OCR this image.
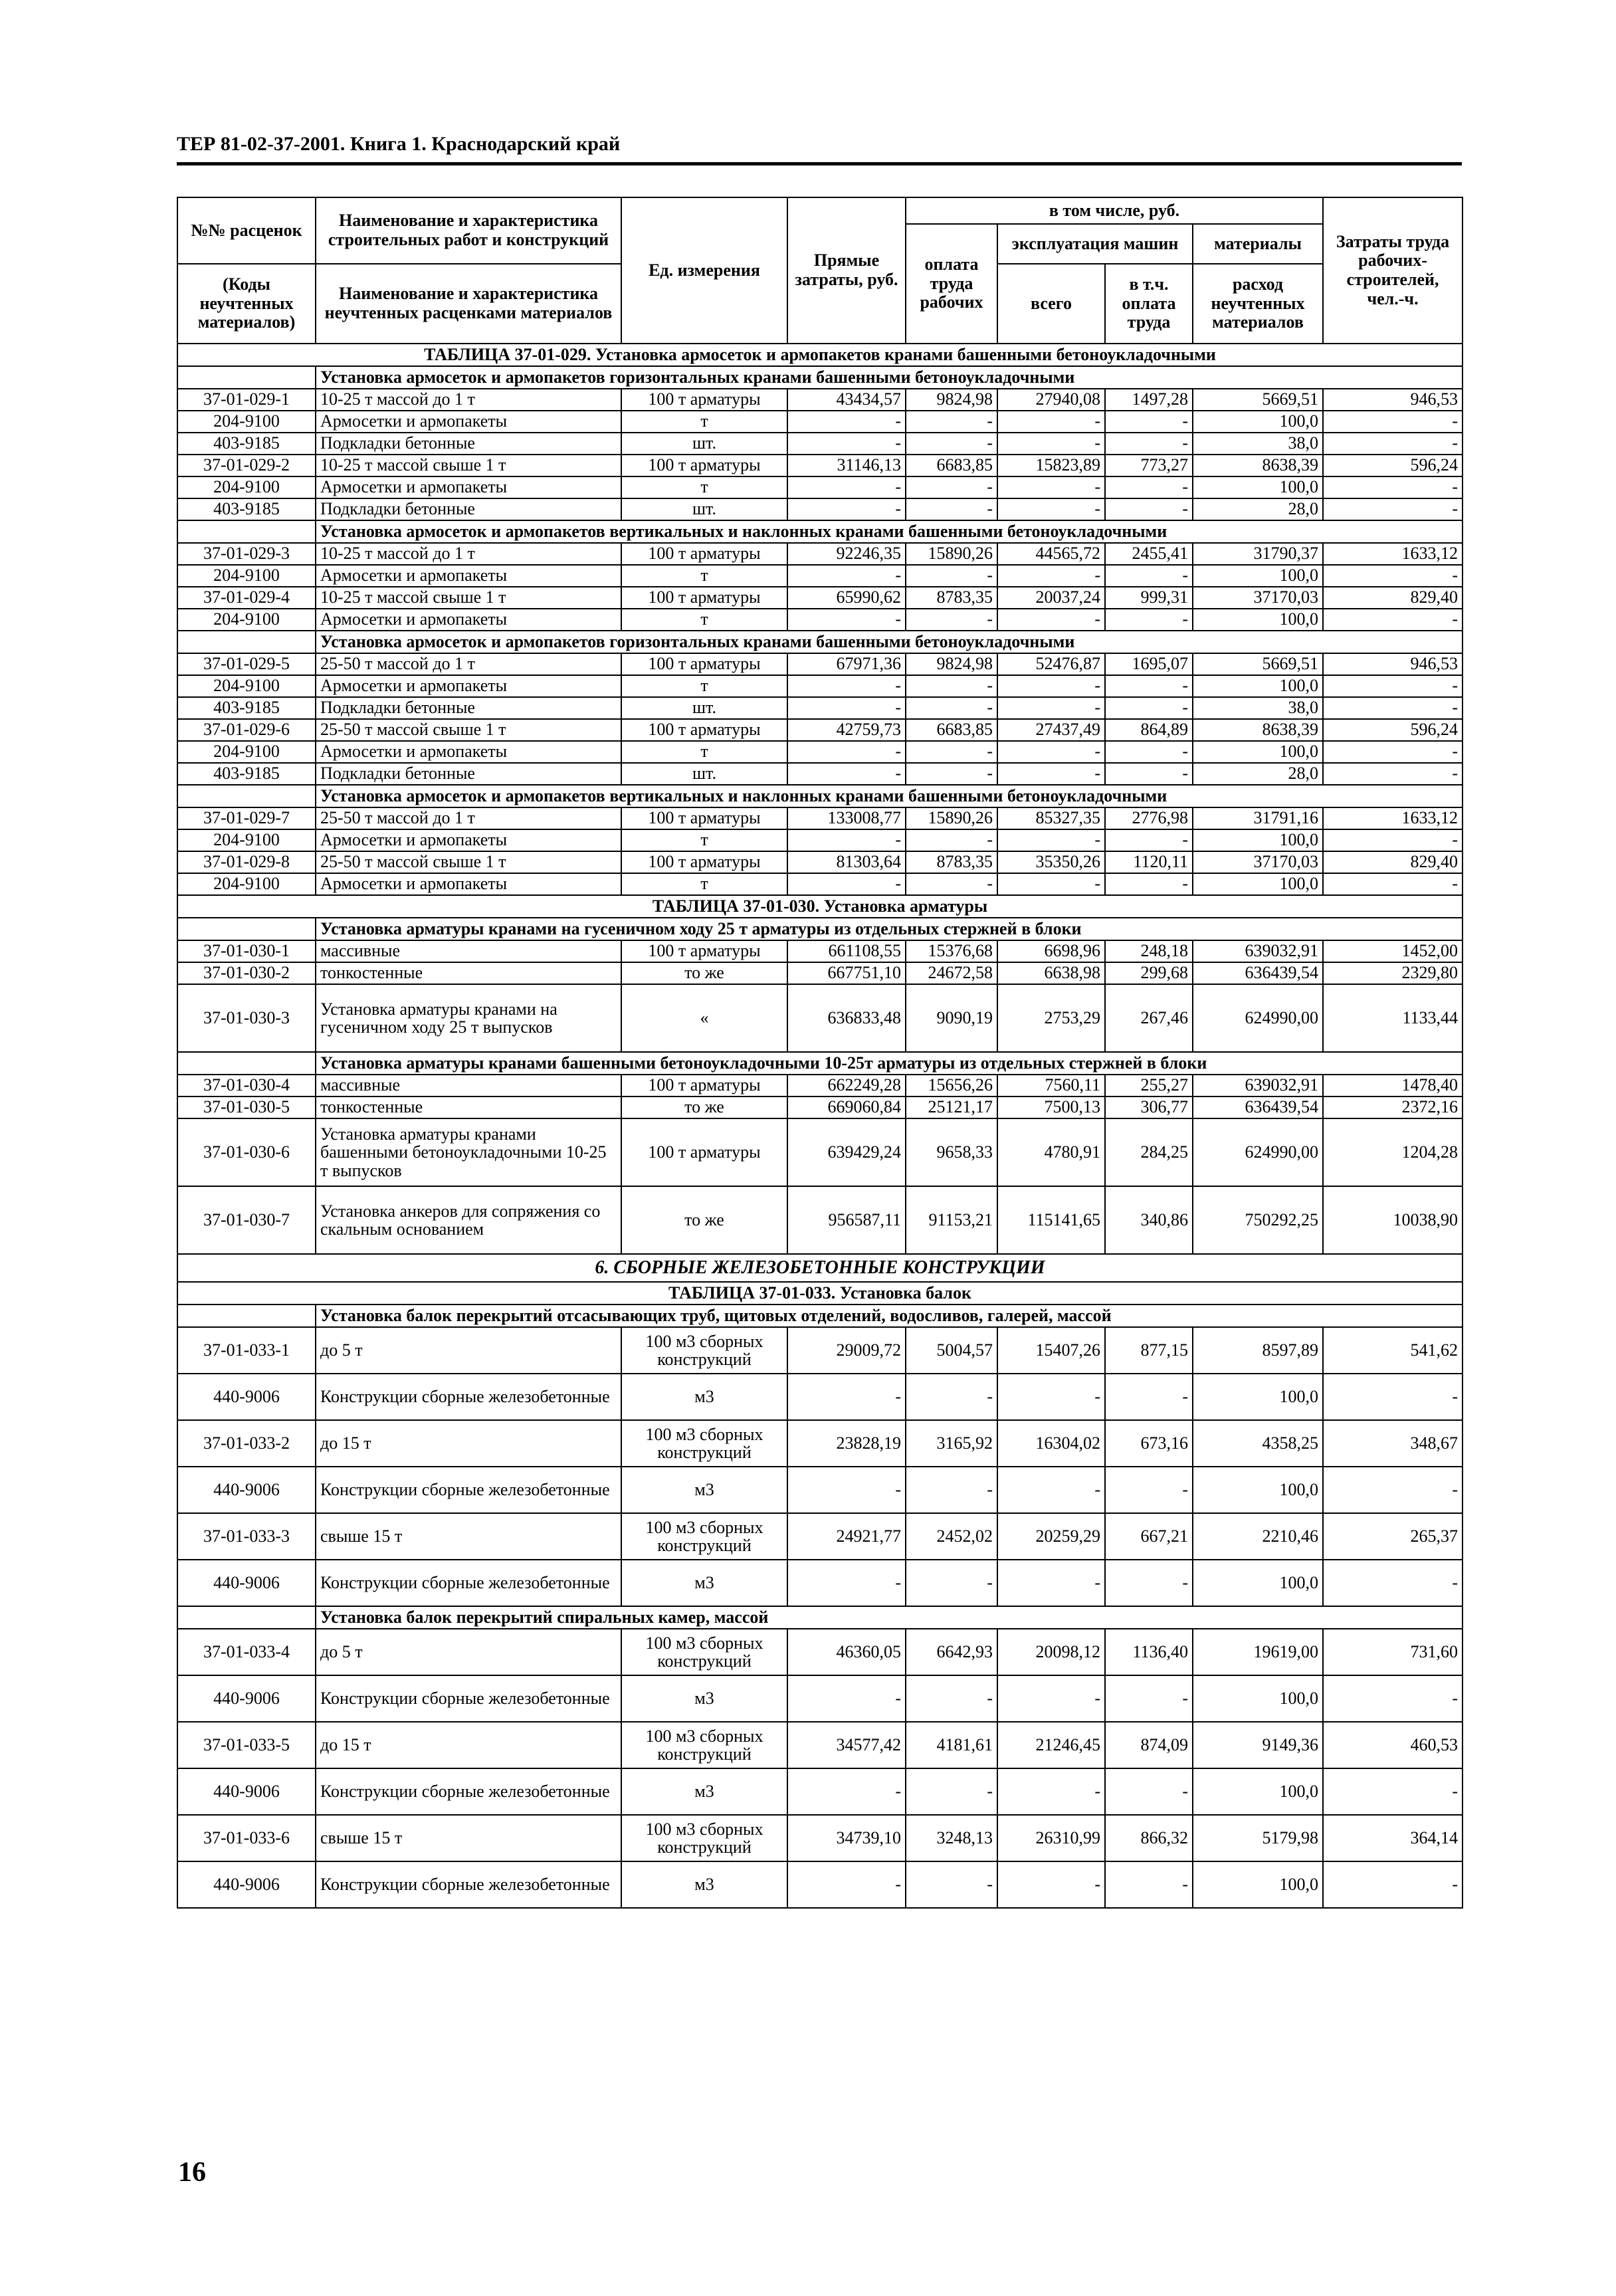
ТЕР 81-02-37-2001. Книга 1. Краснодарский край
№№ расценок	Наименование и характеристика строительных работ и конструкций	Ед. измерения	Прямые затраты, руб.	в том числе, руб.				Затраты труда рабочих-строителей, чел.-ч.
				оплата труда рабочих	эксплуатация машин		материалы	
(Коды неучтенных материалов)	Наименование и характеристика неучтенных расценками материалов				всего	в т.ч. оплата труда	расход неучтенных материалов	

ТАБЛИЦА 37-01-029. Установка армосеток и армопакетов кранами башенными бетоноукладочными								
	Установка армосеток и армопакетов горизонтальных кранами башенными бетоноукладочными							
37-01-029-1	10-25 т массой до 1 т	100 т арматуры	43434,57	9824,98	27940,08	1497,28	5669,51	946,53
204-9100	Армосетки и армопакеты	т	-	-	-	-	100,0	-
403-9185	Подкладки бетонные	шт.	-	-	-	-	38,0	-
37-01-029-2	10-25 т массой свыше 1 т	100 т арматуры	31146,13	6683,85	15823,89	773,27	8638,39	596,24
204-9100	Армосетки и армопакеты	т	-	-	-	-	100,0	-
403-9185	Подкладки бетонные	шт.	-	-	-	-	28,0	-
	Установка армосеток и армопакетов вертикальных и наклонных кранами башенными бетоноукладочными							
37-01-029-3	10-25 т массой до 1 т	100 т арматуры	92246,35	15890,26	44565,72	2455,41	31790,37	1633,12
204-9100	Армосетки и армопакеты	т	-	-	-	-	100,0	-
37-01-029-4	10-25 т массой свыше 1 т	100 т арматуры	65990,62	8783,35	20037,24	999,31	37170,03	829,40
204-9100	Армосетки и армопакеты	т	-	-	-	-	100,0	-
	Установка армосеток и армопакетов горизонтальных кранами башенными бетоноукладочными							
37-01-029-5	25-50 т массой до 1 т	100 т арматуры	67971,36	9824,98	52476,87	1695,07	5669,51	946,53
204-9100	Армосетки и армопакеты	т	-	-	-	-	100,0	-
403-9185	Подкладки бетонные	шт.	-	-	-	-	38,0	-
37-01-029-6	25-50 т массой свыше 1 т	100 т арматуры	42759,73	6683,85	27437,49	864,89	8638,39	596,24
204-9100	Армосетки и армопакеты	т	-	-	-	-	100,0	-
403-9185	Подкладки бетонные	шт.	-	-	-	-	28,0	-
	Установка армосеток и армопакетов вертикальных и наклонных кранами башенными бетоноукладочными							
37-01-029-7	25-50 т массой до 1 т	100 т арматуры	133008,77	15890,26	85327,35	2776,98	31791,16	1633,12
204-9100	Армосетки и армопакеты	т	-	-	-	-	100,0	-
37-01-029-8	25-50 т массой свыше 1 т	100 т арматуры	81303,64	8783,35	35350,26	1120,11	37170,03	829,40
204-9100	Армосетки и армопакеты	т	-	-	-	-	100,0	-
ТАБЛИЦА 37-01-030. Установка арматуры								
	Установка арматуры кранами на гусеничном ходу 25 т арматуры из отдельных стержней в блоки							
37-01-030-1	массивные	100 т арматуры	661108,55	15376,68	6698,96	248,18	639032,91	1452,00
37-01-030-2	тонкостенные	то же	667751,10	24672,58	6638,98	299,68	636439,54	2329,80
37-01-030-3	Установка арматуры кранами на гусеничном ходу 25 т выпусков	«	636833,48	9090,19	2753,29	267,46	624990,00	1133,44
	Установка арматуры кранами башенными бетоноукладочными 10-25т арматуры из отдельных стержней в блоки							
37-01-030-4	массивные	100 т арматуры	662249,28	15656,26	7560,11	255,27	639032,91	1478,40
37-01-030-5	тонкостенные	то же	669060,84	25121,17	7500,13	306,77	636439,54	2372,16
37-01-030-6	Установка арматуры кранами башенными бетоноукладочными 10-25 т выпусков	100 т арматуры	639429,24	9658,33	4780,91	284,25	624990,00	1204,28
37-01-030-7	Установка анкеров для сопряжения со скальным основанием	то же	956587,11	91153,21	115141,65	340,86	750292,25	10038,90
6. СБОРНЫЕ ЖЕЛЕЗОБЕТОННЫЕ КОНСТРУКЦИИ								
ТАБЛИЦА 37-01-033. Установка балок								
	Установка балок перекрытий отсасывающих труб, щитовых отделений, водосливов, галерей, массой							
37-01-033-1	до 5 т	100 м3 сборных конструкций	29009,72	5004,57	15407,26	877,15	8597,89	541,62
440-9006	Конструкции сборные железобетонные	м3	-	-	-	-	100,0	-
37-01-033-2	до 15 т	100 м3 сборных конструкций	23828,19	3165,92	16304,02	673,16	4358,25	348,67
440-9006	Конструкции сборные железобетонные	м3	-	-	-	-	100,0	-
37-01-033-3	свыше 15 т	100 м3 сборных конструкций	24921,77	2452,02	20259,29	667,21	2210,46	265,37
440-9006	Конструкции сборные железобетонные	м3	-	-	-	-	100,0	-
	Установка балок перекрытий спиральных камер, массой							
37-01-033-4	до 5 т	100 м3 сборных конструкций	46360,05	6642,93	20098,12	1136,40	19619,00	731,60
440-9006	Конструкции сборные железобетонные	м3	-	-	-	-	100,0	-
37-01-033-5	до 15 т	100 м3 сборных конструкций	34577,42	4181,61	21246,45	874,09	9149,36	460,53
440-9006	Конструкции сборные железобетонные	м3	-	-	-	-	100,0	-
37-01-033-6	свыше 15 т	100 м3 сборных конструкций	34739,10	3248,13	26310,99	866,32	5179,98	364,14
440-9006	Конструкции сборные железобетонные	м3	-	-	-	-	100,0	-
16
